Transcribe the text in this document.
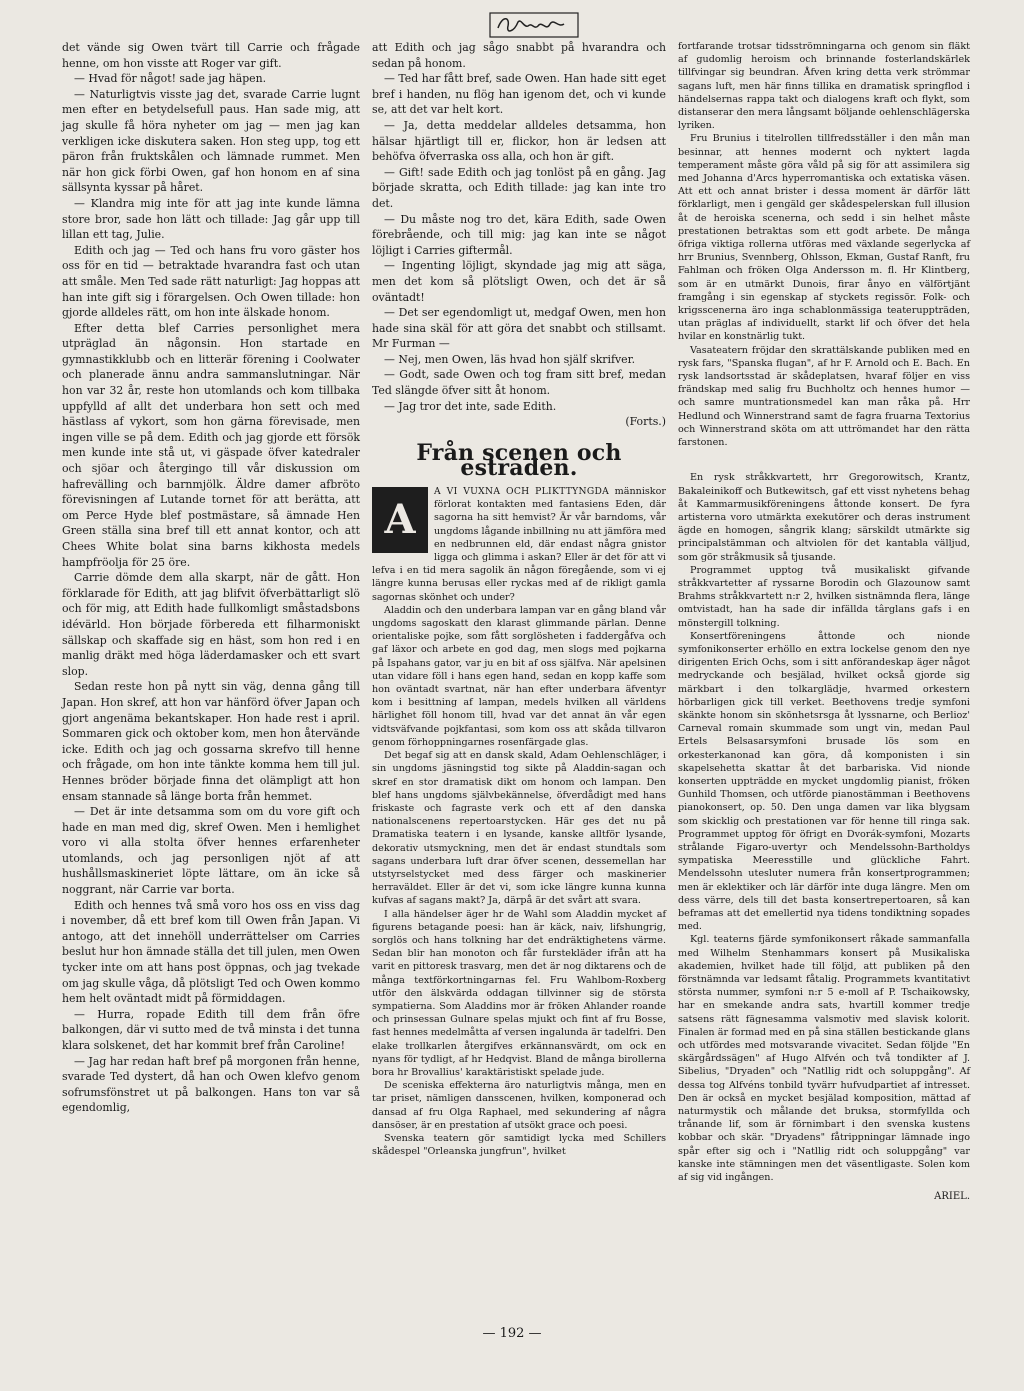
det vände sig Owen tvärt till Carrie och frågade henne, om hon visste att Roger var gift.

— Hvad för något! sade jag häpen.

— Naturligtvis visste jag det, svarade Carrie lugnt men efter en betydelsefull paus. Han sade mig, att jag skulle få höra nyheter om jag — men jag kan verkligen icke diskutera saken. Hon steg upp, tog ett päron från fruktskålen och lämnade rummet. Men när hon gick förbi Owen, gaf hon honom en af sina sällsynta kyssar på håret.

— Klandra mig inte för att jag inte kunde lämna store bror, sade hon lätt och tillade: Jag går upp till lillan ett tag, Julie.

Edith och jag — Ted och hans fru voro gäster hos oss för en tid — betraktade hvarandra fast och utan att småle. Men Ted sade rätt naturligt: Jag hoppas att han inte gift sig i förargelsen. Och Owen tillade: hon gjorde alldeles rätt, om hon inte älskade honom.

Efter detta blef Carries personlighet mera utpräglad än någonsin. Hon startade en gymnastikklubb och en litterär förening i Coolwater och planerade ännu andra sammanslutningar. När hon var 32 år, reste hon utomlands och kom tillbaka uppfylld af allt det underbara hon sett och med hästlass af vykort, som hon gärna förevisade, men ingen ville se på dem. Edith och jag gjorde ett försök men kunde inte stå ut, vi gäspade öfver katedraler och sjöar och återgingo till vår diskussion om hafrevälling och barnmjölk. Äldre damer afbröto förevisningen af Lutande tornet för att berätta, att om Perce Hyde blef postmästare, så ämnade Hen Green ställa sina bref till ett annat kontor, och att Chees White bolat sina barns kikhosta medels hampfröolja för 25 öre.

Carrie dömde dem alla skarpt, när de gått. Hon förklarade för Edith, att jag blifvit öfverbättarligt slö och för mig, att Edith hade fullkomligt småstadsbons idévärld. Hon började förbereda ett filharmoniskt sällskap och skaffade sig en häst, som hon red i en manlig dräkt med höga läderdamasker och ett svart slop.

Sedan reste hon på nytt sin väg, denna gång till Japan. Hon skref, att hon var hänförd öfver Japan och gjort angenäma bekantskaper. Hon hade rest i april. Sommaren gick och oktober kom, men hon återvände icke. Edith och jag och gossarna skrefvo till henne och frågade, om hon inte tänkte komma hem till jul. Hennes bröder började finna det olämpligt att hon ensam stannade så länge borta från hemmet.

— Det är inte detsamma som om du vore gift och hade en man med dig, skref Owen. Men i hemlighet voro vi alla stolta öfver hennes erfarenheter utomlands, och jag personligen njöt af att hushållsmaskineriet löpte lättare, om än icke så noggrant, när Carrie var borta.

Edith och hennes två små voro hos oss en viss dag i november, då ett bref kom till Owen från Japan. Vi antogo, att det innehöll underrättelser om Carries beslut hur hon ämnade ställa det till julen, men Owen tycker inte om att hans post öppnas, och jag tvekade om jag skulle våga, då plötsligt Ted och Owen kommo hem helt oväntadt midt på förmiddagen.

— Hurra, ropade Edith till dem från öfre balkongen, där vi sutto med de två minsta i det tunna klara solskenet, det har kommit bref från Caroline!

— Jag har redan haft bref på morgonen från henne, svarade Ted dystert, då han och Owen klefvo genom sofrumsfönstret ut på balkongen. Hans ton var så egendomlig,

att Edith och jag sågo snabbt på hvarandra och sedan på honom.

— Ted har fått bref, sade Owen. Han hade sitt eget bref i handen, nu flög han igenom det, och vi kunde se, att det var helt kort.

— Ja, detta meddelar alldeles detsamma, hon hälsar hjärtligt till er, flickor, hon är ledsen att behöfva öfverraska oss alla, och hon är gift.

— Gift! sade Edith och jag tonlöst på en gång. Jag började skratta, och Edith tillade: jag kan inte tro det.

— Du måste nog tro det, kära Edith, sade Owen förebrående, och till mig: jag kan inte se något löjligt i Carries giftermål.

— Ingenting löjligt, skyndade jag mig att säga, men det kom så plötsligt Owen, och det är så oväntadt!

— Det ser egendomligt ut, medgaf Owen, men hon hade sina skäl för att göra det snabbt och stillsamt. Mr Furman —

— Nej, men Owen, läs hvad hon själf skrifver.

— Godt, sade Owen och tog fram sitt bref, medan Ted slängde öfver sitt åt honom.

— Jag tror det inte, sade Edith.

(Forts.)

Från scenen och estraden.
A

A VI VUXNA OCH PLIKTTYNGDA människor förlorat kontakten med fantasiens Eden, där sagorna ha sitt hemvist? Är vår barndoms, vår ungdoms lågande inbillning nu att jämföra med en nedbrunnen eld, där endast några gnistor ligga och glimma i askan? Eller är det för att vi lefva i en tid mera sagolik än någon föregående, som vi ej längre kunna berusas eller ryckas med af de rikligt gamla sagornas skönhet och under?

Aladdin och den underbara lampan var en gång bland vår ungdoms sagoskatt den klarast glimmande pärlan. Denne orientaliske pojke, som fått sorglösheten i faddergåfva och gaf läxor och arbete en god dag, men slogs med pojkarna på Ispahans gator, var ju en bit af oss själfva. När apelsinen utan vidare föll i hans egen hand, sedan en kopp kaffe som hon oväntadt svartnat, när han efter underbara äfventyr kom i besittning af lampan, medels hvilken all världens härlighet föll honom till, hvad var det annat än vår egen vidtsväfvande pojkfantasi, som kom oss att skåda tillvaron genom förhoppningarnes rosenfärgade glas.

Det begaf sig att en dansk skald, Adam Oehlenschläger, i sin ungdoms jäsningstid tog sikte på Aladdin-sagan och skref en stor dramatisk dikt om honom och lampan. Den blef hans ungdoms självbekännelse, öfverdådigt med hans friskaste och fagraste verk och ett af den danska nationalscenens repertoarstycken. Här ges det nu på Dramatiska teatern i en lysande, kanske alltför lysande, dekorativ utsmyckning, men det är endast stundtals som sagans underbara luft drar öfver scenen, dessemellan har utstyrselstycket med dess färger och maskinerier herraväldet. Eller är det vi, som icke längre kunna kunna kufvas af sagans makt? Ja, därpå är det svårt att svara.

I alla händelser äger hr de Wahl som Aladdin mycket af figurens betagande poesi: han är käck, naiv, lifshungrig, sorglös och hans tolkning har det endräktighetens värme. Sedan blir han monoton och får furstekläder ifrån att ha varit en pittoresk trasvarg, men det är nog diktarens och de många textförkortningarnas fel. Fru Wahlbom-Roxberg utför den älskvärda oddagan tillvinner sig de största sympatierna. Som Aladdins mor är fröken Ahlander roande och prinsessan Gulnare spelas mjukt och fint af fru Bosse, fast hennes medelmåtta af versen ingalunda är tadelfri. Den elake trollkarlen återgifves erkännansvärdt, om ock en nyans för tydligt, af hr Hedqvist. Bland de många birollerna bora hr Brovallius' karaktäristiskt spelade jude.

De sceniska effekterna äro naturligtvis många, men en tar priset, nämligen dansscenen, hvilken, komponerad och dansad af fru Olga Raphael, med sekundering af några dansöser, är en prestation af utsökt grace och poesi.

Svenska teatern gör samtidigt lycka med Schillers skådespel "Orleanska jungfrun", hvilket

fortfarande trotsar tidsströmningarna och genom sin fläkt af gudomlig heroism och brinnande fosterlandskärlek tillfvingar sig beundran. Åfven kring detta verk strömmar sagans luft, men här finns tillika en dramatisk springflod i händelsernas rappa takt och dialogens kraft och flykt, som distanserar den mera långsamt böljande oehlenschlägerska lyriken.

Fru Brunius i titelrollen tillfredsställer i den mån man besinnar, att hennes modernt och nyktert lagda temperament måste göra våld på sig för att assimilera sig med Johanna d'Arcs hyperromantiska och extatiska väsen. Att ett och annat brister i dessa moment är därför lätt förklarligt, men i gengäld ger skådespelerskan full illusion åt de heroiska scenerna, och sedd i sin helhet måste prestationen betraktas som ett godt arbete. De många öfriga viktiga rollerna utföras med växlande segerlycka af hrr Brunius, Svennberg, Ohlsson, Ekman, Gustaf Ranft, fru Fahlman och fröken Olga Andersson m. fl. Hr Klintberg, som är en utmärkt Dunois, firar ånyo en välförtjänt framgång i sin egenskap af styckets regissör. Folk- och krigsscenerna äro inga schablonmässiga teateruppträden, utan präglas af individuellt, starkt lif och öfver det hela hvilar en konstnärlig tukt.

Vasateatern fröjdar den skrattälskande publiken med en rysk fars, "Spanska flugan", af hr F. Arnold och E. Bach. En rysk landsortsstad är skådeplatsen, hvaraf följer en viss frändskap med salig fru Buchholtz och hennes humor — och samre muntrationsmedel kan man råka på. Hrr Hedlund och Winnerstrand samt de fagra fruarna Textorius och Winnerstrand sköta om att uttrömandet har den rätta farstonen.

En rysk stråkkvartett, hrr Gregorowitsch, Krantz, Bakaleinikoff och Butkewitsch, gaf ett visst nyhetens behag åt Kammarmusikföreningens åttonde konsert. De fyra artisterna voro utmärkta exekutörer och deras instrument ägde en homogen, sångrik klang; särskildt utmärkte sig principalstämman och altviolen för det kantabla välljud, som gör stråkmusik så tjusande.

Programmet upptog två musikaliskt gifvande stråkkvartetter af ryssarne Borodin och Glazounow samt Brahms stråkkvartett n:r 2, hvilken sistnämnda flera, länge omtvistadt, han ha sade dir infällda târglans gafs i en mönstergill tolkning.

Konsertföreningens åttonde och nionde symfonikonserter erhöllo en extra lockelse genom den nye dirigenten Erich Ochs, som i sitt anförandeskap äger något medryckande och besjälad, hvilket också gjorde sig märkbart i den tolkarglädje, hvarmed orkestern hörbarligen gick till verket. Beethovens tredje symfoni skänkte honom sin skönhetsrsga åt lyssnarne, och Berlioz' Carneval romain skummade som ungt vin, medan Paul Ertels Belsasarsymfoni brusade lös som en orkesterkanonad kan göra, då komponisten i sin skapelsehetta skattar åt det barbariska. Vid nionde konserten uppträdde en mycket ungdomlig pianist, fröken Gunhild Thomsen, och utförde pianostämman i Beethovens pianokonsert, op. 50. Den unga damen var lika blygsam som skicklig och prestationen var för henne till ringa sak. Programmet upptog för öfrigt en Dvorák-symfoni, Mozarts strålande Figaro-uvertyr och Mendelssohn-Bartholdys sympatiska Meeresstille und glückliche Fahrt. Mendelssohn utesluter numera från konsertprogrammen; men är eklektiker och lär därför inte duga längre. Men om dess värre, dels till det basta konsertrepertoaren, så kan beframas att det emellertid nya tidens tondiktning sopades med.

Kgl. teaterns fjärde symfonikonsert råkade sammanfalla med Wilhelm Stenhammars konsert på Musikaliska akademien, hvilket hade till följd, att publiken på den förstnämnda var ledsamt fåtalig. Programmets kvantitativt största nummer, symfoni n:r 5 e-moll af P. Tschaikowsky, har en smekande andra sats, hvartill kommer tredje satsens rätt fägnesamma valsmotiv med slavisk kolorit. Finalen är formad med en på sina ställen bestickande glans och utfördes med motsvarande vivacitet. Sedan följde "En skärgårdssägen" af Hugo Alfvén och två tondikter af J. Sibelius, "Dryaden" och "Natllig ridt och soluppgång". Af dessa tog Alfvéns tonbild tyvärr hufvudpartiet af intresset. Den är också en mycket besjälad komposition, mättad af naturmystik och målande det bruksa, stormfyllda och trånande lif, som är förnimbart i den svenska kustens kobbar och skär. "Dryadens" fåtrippningar lämnade ingo spår efter sig och i "Natllig ridt och soluppgång" var kanske inte stämningen men det väsentligaste. Solen kom af sig vid ingången.

ARIEL.
— 192 —
